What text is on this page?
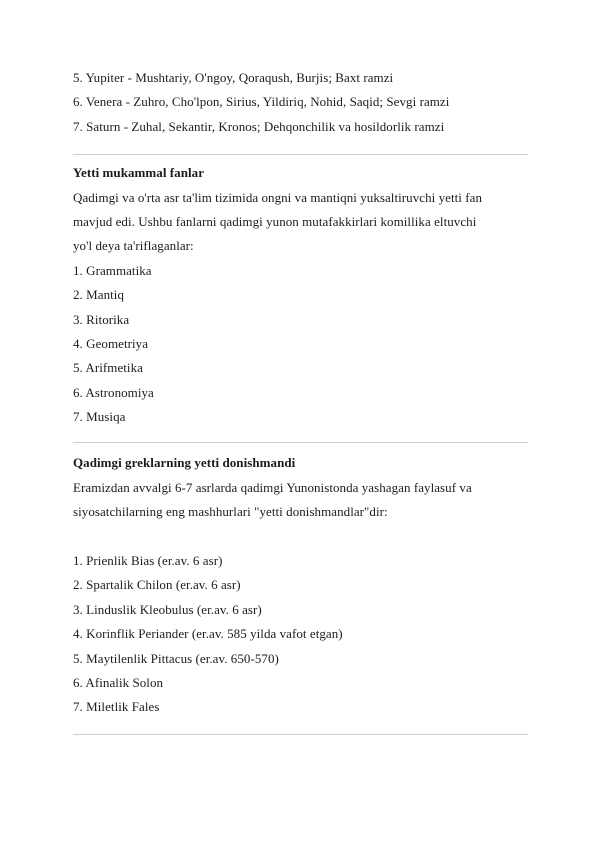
5. Yupiter - Mushtariy, O'ngoy, Qoraqush, Burjis; Baxt ramzi
6. Venera - Zuhro, Cho'lpon, Sirius, Yildiriq, Nohid, Saqid; Sevgi ramzi
7. Saturn - Zuhal, Sekantir, Kronos; Dehqonchilik va hosildorlik ramzi
Yetti mukammal fanlar
Qadimgi va o'rta asr ta'lim tizimida ongni va mantiqni yuksaltiruvchi yetti fan
mavjud edi. Ushbu fanlarni qadimgi yunon mutafakkirlari komillika eltuvchi
yo'l deya ta'riflaganlar:
1. Grammatika
2. Mantiq
3. Ritorika
4. Geometriya
5. Arifmetika
6. Astronomiya
7. Musiqa
Qadimgi greklarning yetti donishmandi
Eramizdan avvalgi 6-7 asrlarda qadimgi Yunonistonda yashagan faylasuf va
siyosatchilarning eng mashhurlari "yetti donishmandlar"dir:
1. Prienlik Bias (er.av. 6 asr)
2. Spartalik Chilon (er.av. 6 asr)
3. Linduslik Kleobulus (er.av. 6 asr)
4. Korinflik Periander (er.av. 585 yilda vafot etgan)
5. Maytilenlik Pittacus (er.av. 650-570)
6. Afinalik Solon
7. Miletlik Fales
